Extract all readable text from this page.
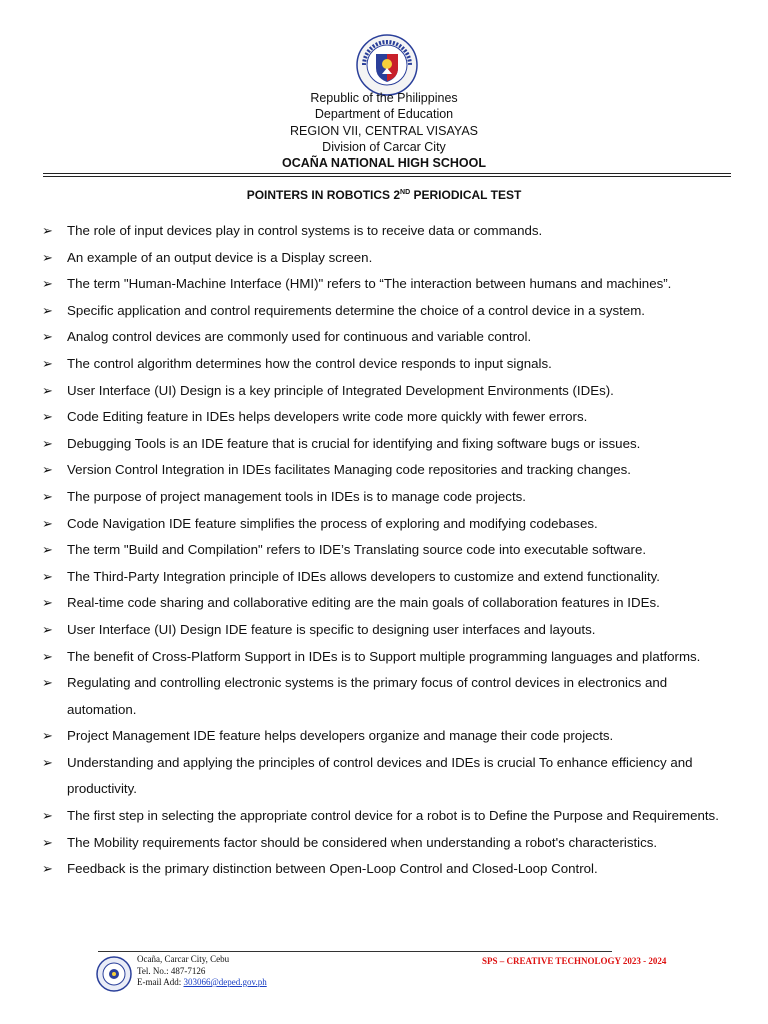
Republic of the Philippines
Department of Education
REGION VII, CENTRAL VISAYAS
Division of Carcar City
OCAÑA NATIONAL HIGH SCHOOL
POINTERS IN ROBOTICS 2ND PERIODICAL TEST
➢ The role of input devices play in control systems is to receive data or commands.
➢ An example of an output device is a Display screen.
➢ The term "Human-Machine Interface (HMI)" refers to “The interaction between humans and machines”.
➢ Specific application and control requirements determine the choice of a control device in a system.
➢ Analog control devices are commonly used for continuous and variable control.
➢ The control algorithm determines how the control device responds to input signals.
➢ User Interface (UI) Design is a key principle of Integrated Development Environments (IDEs).
➢ Code Editing feature in IDEs helps developers write code more quickly with fewer errors.
➢ Debugging Tools is an IDE feature that is crucial for identifying and fixing software bugs or issues.
➢ Version Control Integration in IDEs facilitates Managing code repositories and tracking changes.
➢ The purpose of project management tools in IDEs is to manage code projects.
➢ Code Navigation IDE feature simplifies the process of exploring and modifying codebases.
➢ The term "Build and Compilation" refers to IDE’s Translating source code into executable software.
➢ The Third-Party Integration principle of IDEs allows developers to customize and extend functionality.
➢ Real-time code sharing and collaborative editing are the main goals of collaboration features in IDEs.
➢ User Interface (UI) Design IDE feature is specific to designing user interfaces and layouts.
➢ The benefit of Cross-Platform Support in IDEs is to Support multiple programming languages and platforms.
➢ Regulating and controlling electronic systems is the primary focus of control devices in electronics and automation.
➢ Project Management IDE feature helps developers organize and manage their code projects.
➢ Understanding and applying the principles of control devices and IDEs is crucial To enhance efficiency and productivity.
➢ The first step in selecting the appropriate control device for a robot is to Define the Purpose and Requirements.
➢ The Mobility requirements factor should be considered when understanding a robot's characteristics.
➢ Feedback is the primary distinction between Open-Loop Control and Closed-Loop Control.
Ocaña, Carcar City, Cebu
Tel. No.: 487-7126
E-mail Add: 303066@deped.gov.ph
SPS – CREATIVE TECHNOLOGY 2023 - 2024
